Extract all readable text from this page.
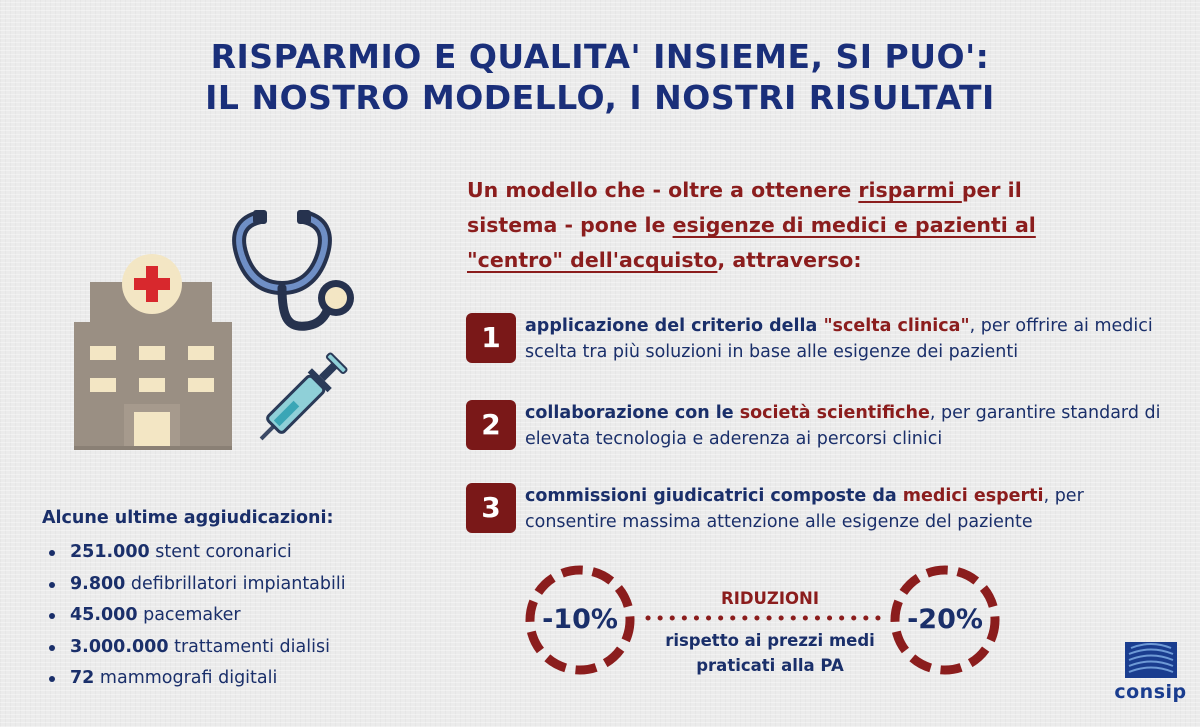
RISPARMIO E QUALITA' INSIEME, SI PUO':
IL NOSTRO MODELLO, I NOSTRI RISULTATI
Un modello che - oltre a ottenere risparmi per il sistema - pone le esigenze di medici e pazienti al "centro" dell'acquisto, attraverso:
1	applicazione del criterio della "scelta clinica", per offrire ai medici scelta tra più soluzioni in base alle esigenze dei pazienti
2	collaborazione con le società scientifiche, per garantire standard di elevata tecnologia e aderenza ai percorsi clinici
3	commissioni giudicatrici composte da medici esperti, per consentire massima attenzione alle esigenze del paziente
Alcune ultime aggiudicazioni:
251.000 stent coronarici
9.800 defibrillatori impiantabili
45.000 pacemaker
3.000.000 trattamenti dialisi
72 mammografi digitali
-10%	-20%
RIDUZIONI
rispetto ai prezzi medi
praticati alla PA
consip
